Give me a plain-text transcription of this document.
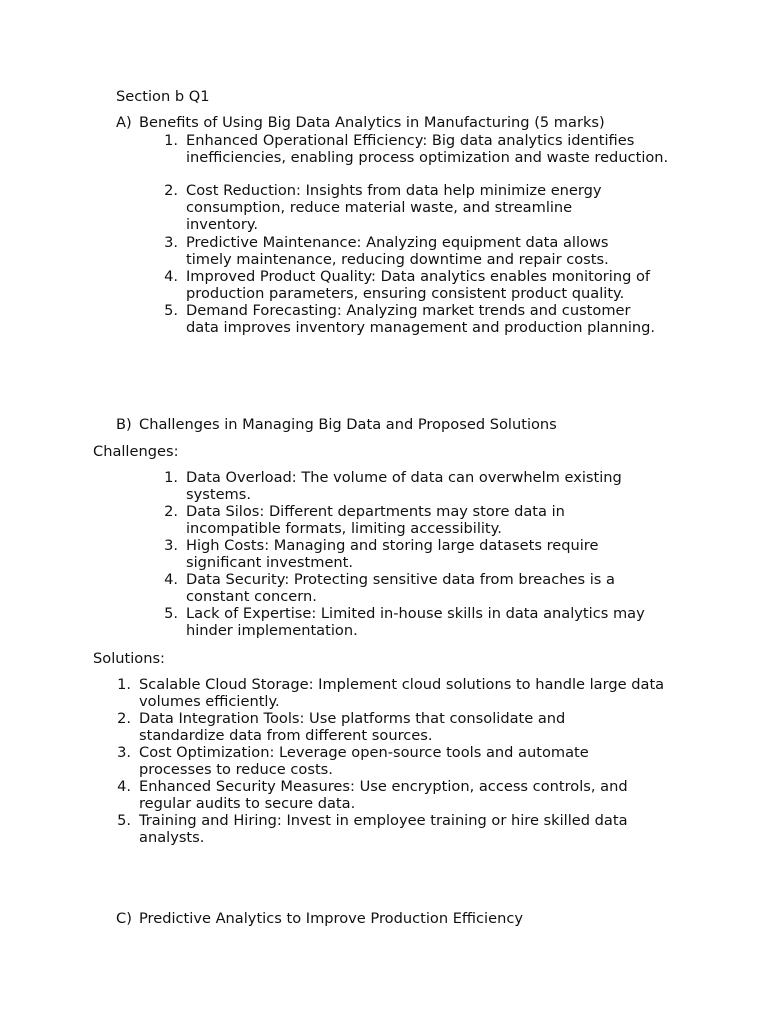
Section b Q1
A) Benefits of Using Big Data Analytics in Manufacturing (5 marks)
1. Enhanced Operational Efficiency: Big data analytics identifies inefficiencies, enabling process optimization and waste reduction.
2. Cost Reduction: Insights from data help minimize energy consumption, reduce material waste, and streamline inventory.
3. Predictive Maintenance: Analyzing equipment data allows timely maintenance, reducing downtime and repair costs.
4. Improved Product Quality: Data analytics enables monitoring of production parameters, ensuring consistent product quality.
5. Demand Forecasting: Analyzing market trends and customer data improves inventory management and production planning.
B) Challenges in Managing Big Data and Proposed Solutions
Challenges:
1. Data Overload: The volume of data can overwhelm existing systems.
2. Data Silos: Different departments may store data in incompatible formats, limiting accessibility.
3. High Costs: Managing and storing large datasets require significant investment.
4. Data Security: Protecting sensitive data from breaches is a constant concern.
5. Lack of Expertise: Limited in-house skills in data analytics may hinder implementation.
Solutions:
1. Scalable Cloud Storage: Implement cloud solutions to handle large data volumes efficiently.
2. Data Integration Tools: Use platforms that consolidate and standardize data from different sources.
3. Cost Optimization: Leverage open-source tools and automate processes to reduce costs.
4. Enhanced Security Measures: Use encryption, access controls, and regular audits to secure data.
5. Training and Hiring: Invest in employee training or hire skilled data analysts.
C) Predictive Analytics to Improve Production Efficiency
